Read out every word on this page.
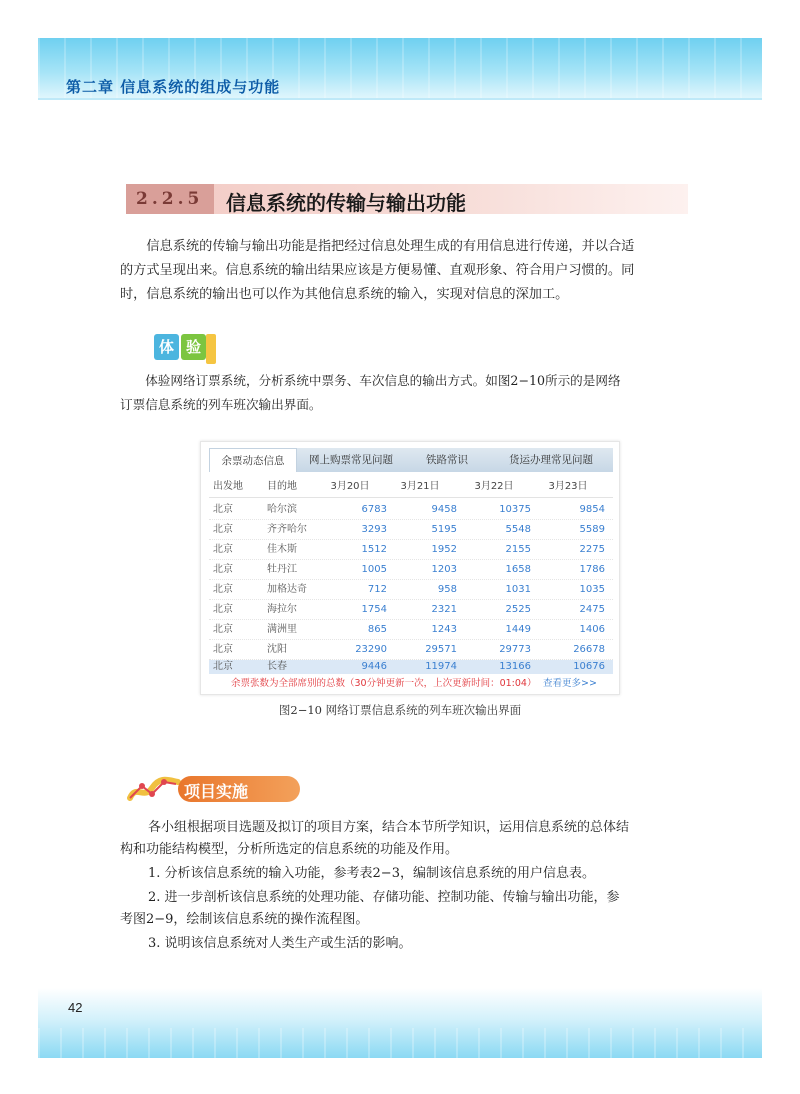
第二章 信息系统的组成与功能
2.2.5 信息系统的传输与输出功能
信息系统的传输与输出功能是指把经过信息处理生成的有用信息进行传递，并以合适
的方式呈现出来。信息系统的输出结果应该是方便易懂、直观形象、符合用户习惯的。同
时，信息系统的输出也可以作为其他信息系统的输入，实现对信息的深加工。
体 验
体验网络订票系统，分析系统中票务、车次信息的输出方式。如图2−10所示的是网络
订票信息系统的列车班次输出界面。
余票动态信息	网上购票常见问题	铁路常识	货运办理常见问题
出发地	目的地	3月20日	3月21日	3月22日	3月23日
北京	哈尔滨	6783	9458	10375	9854
北京	齐齐哈尔	3293	5195	5548	5589
北京	佳木斯	1512	1952	2155	2275
北京	牡丹江	1005	1203	1658	1786
北京	加格达奇	712	958	1031	1035
北京	海拉尔	1754	2321	2525	2475
北京	满洲里	865	1243	1449	1406
北京	沈阳	23290	29571	29773	26678
北京	长春	9446	11974	13166	10676
余票张数为全部席别的总数（30分钟更新一次，上次更新时间：01:04） 查看更多>>
图2−10 网络订票信息系统的列车班次输出界面
项目实施
各小组根据项目选题及拟订的项目方案，结合本节所学知识，运用信息系统的总体结
构和功能结构模型，分析所选定的信息系统的功能及作用。
1. 分析该信息系统的输入功能，参考表2−3，编制该信息系统的用户信息表。
2. 进一步剖析该信息系统的处理功能、存储功能、控制功能、传输与输出功能，参
考图2−9，绘制该信息系统的操作流程图。
3. 说明该信息系统对人类生产或生活的影响。
42
